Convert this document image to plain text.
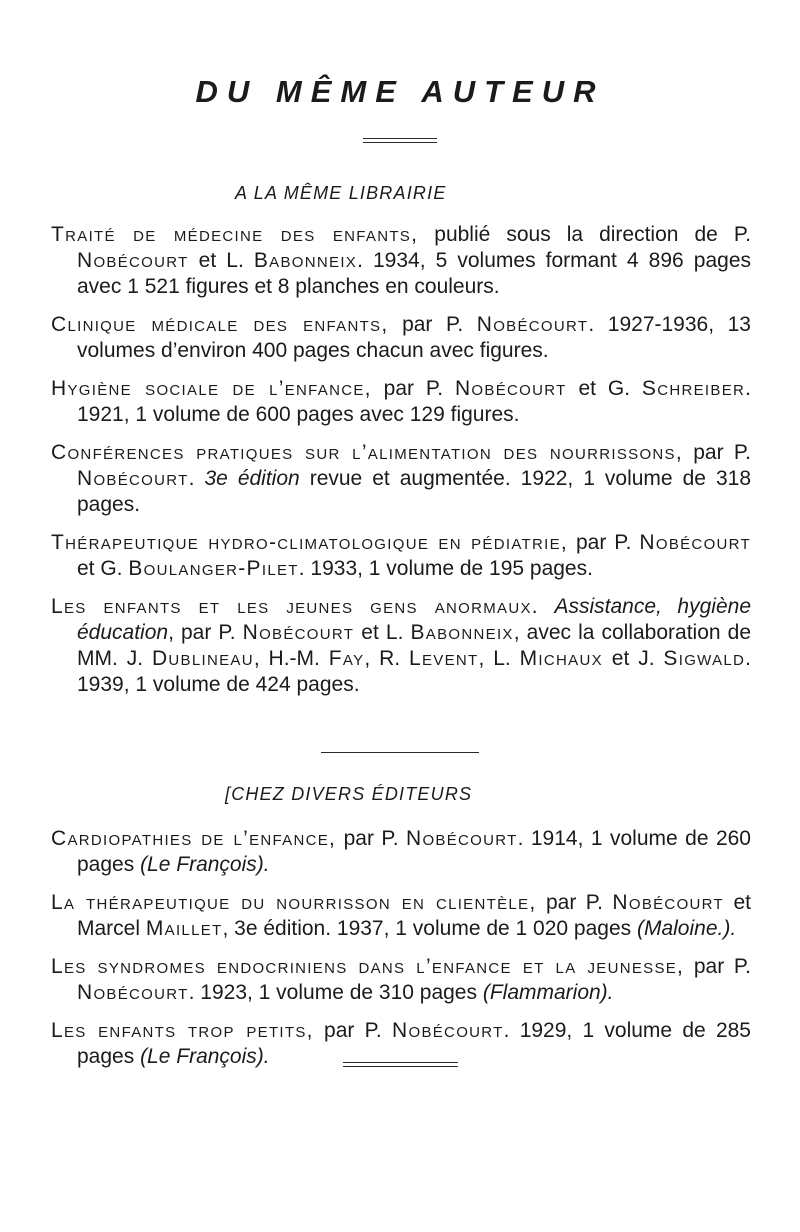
DU MÊME AUTEUR
A LA MÊME LIBRAIRIE

Traité de médecine des enfants, publié sous la direction de P. Nobécourt et L. Babonneix. 1934, 5 volumes formant 4 896 pages avec 1 521 figures et 8 planches en couleurs.

Clinique médicale des enfants, par P. Nobécourt. 1927-1936, 13 volumes d’environ 400 pages chacun avec figures.

Hygiène sociale de l’enfance, par P. Nobécourt et G. Schreiber. 1921, 1 volume de 600 pages avec 129 figures.

Conférences pratiques sur l’alimentation des nourrissons, par P. Nobécourt. 3e édition revue et augmentée. 1922, 1 volume de 318 pages.

Thérapeutique hydro-climatologique en pédiatrie, par P. Nobécourt et G. Boulanger-Pilet. 1933, 1 volume de 195 pages.

Les enfants et les jeunes gens anormaux. Assistance, hygiène éducation, par P. Nobécourt et L. Babonneix, avec la collaboration de MM. J. Dublineau, H.-M. Fay, R. Levent, L. Michaux et J. Sigwald. 1939, 1 volume de 424 pages.

[CHEZ DIVERS ÉDITEURS

Cardiopathies de l’enfance, par P. Nobécourt. 1914, 1 volume de 260 pages (Le François).

La thérapeutique du nourrisson en clientèle, par P. Nobécourt et Marcel Maillet, 3e édition. 1937, 1 volume de 1 020 pages (Maloine.).

Les syndromes endocriniens dans l’enfance et la jeunesse, par P. Nobécourt. 1923, 1 volume de 310 pages (Flammarion).

Les enfants trop petits, par P. Nobécourt. 1929, 1 volume de 285 pages (Le François).
